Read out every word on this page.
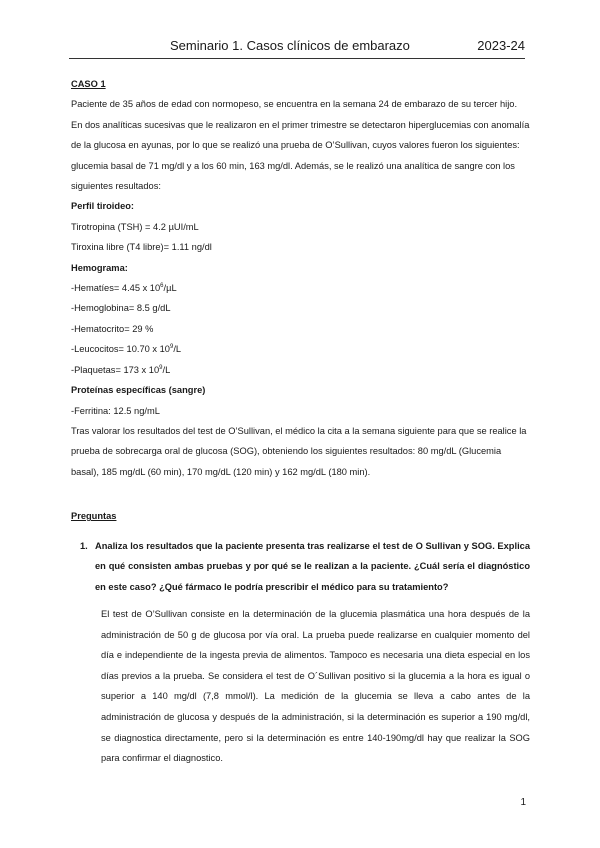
Seminario 1. Casos clínicos de embarazo	2023-24

CASO 1

Paciente de 35 años de edad con normopeso, se encuentra en la semana 24 de embarazo de su tercer hijo. En dos analíticas sucesivas que le realizaron en el primer trimestre se detectaron hiperglucemias con anomalía de la glucosa en ayunas, por lo que se realizó una prueba de O’Sullivan, cuyos valores fueron los siguientes: glucemia basal de 71 mg/dl y a los 60 min, 163 mg/dl. Además, se le realizó una analítica de sangre con los siguientes resultados:

Perfil tiroideo:

Tirotropina (TSH) = 4.2 µUI/mL

Tiroxina libre (T4 libre)= 1.11 ng/dl

Hemograma:

-Hematíes= 4.45 x $10^6/\mu L$

-Hemoglobina= 8.5 g/dL

-Hematocrito= 29 %

-Leucocitos= 10.70 x $10^9/L$

-Plaquetas= 173 x $10^9/L$

Proteínas específicas (sangre)

-Ferritina: 12.5 ng/mL

Tras valorar los resultados del test de O’Sullivan, el médico la cita a la semana siguiente para que se realice la prueba de sobrecarga oral de glucosa (SOG), obteniendo los siguientes resultados: 80 mg/dL (Glucemia basal), 185 mg/dL (60 min), 170 mg/dL (120 min) y 162 mg/dL (180 min).

Preguntas

1. Analiza los resultados que la paciente presenta tras realizarse el test de O Sullivan y SOG. Explica en qué consisten ambas pruebas y por qué se le realizan a la paciente. ¿Cuál sería el diagnóstico en este caso? ¿Qué fármaco le podría prescribir el médico para su tratamiento?
El test de O’Sullivan consiste en la determinación de la glucemia plasmática una hora después de la administración de 50 g de glucosa por vía oral. La prueba puede realizarse en cualquier momento del día e independiente de la ingesta previa de alimentos. Tampoco es necesaria una dieta especial en los días previos a la prueba. Se considera el test de O´Sullivan positivo si la glucemia a la hora es igual o superior a 140 mg/dl (7,8 mmol/l). La medición de la glucemia se lleva a cabo antes de la administración de glucosa y después de la administración, si la determinación es superior a 190 mg/dl, se diagnostica directamente, pero si la determinación es entre 140-190mg/dl hay que realizar la SOG para confirmar el diagnostico.
1
